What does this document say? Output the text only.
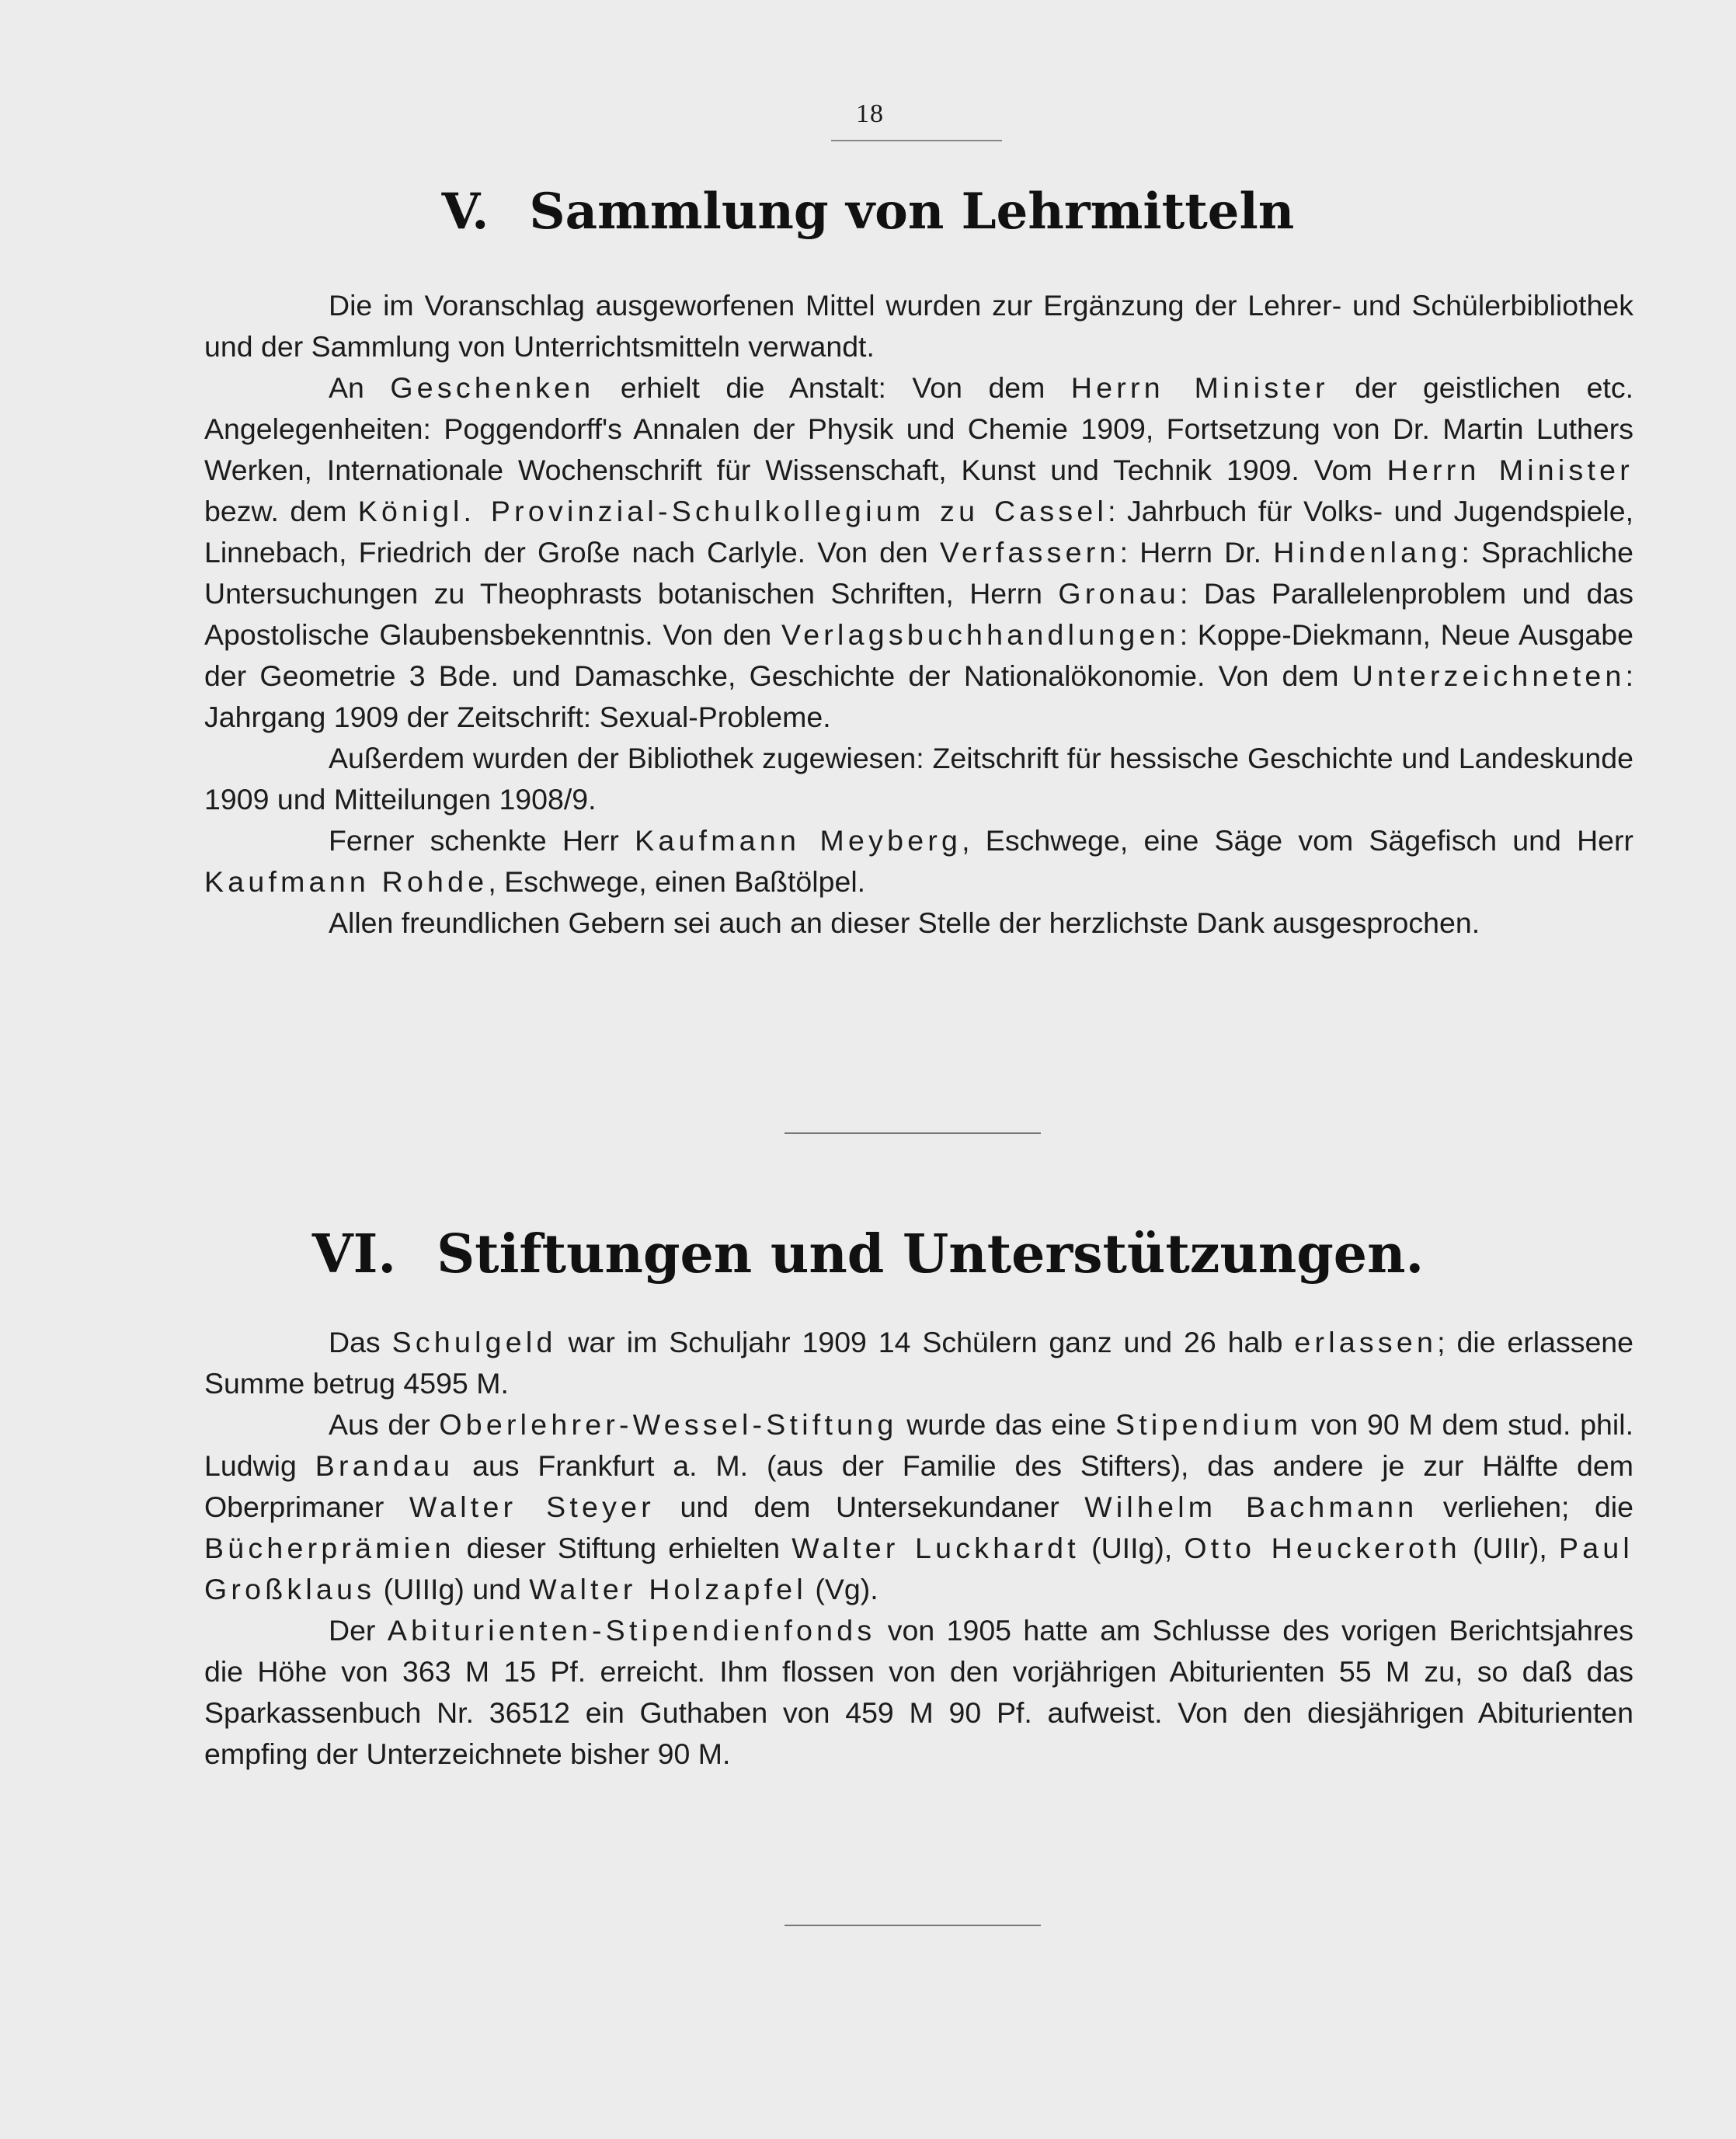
18
V. Sammlung von Lehrmitteln

Die im Voranschlag ausgeworfenen Mittel wurden zur Ergänzung der Lehrer- und Schülerbibliothek und der Sammlung von Unterrichtsmitteln verwandt.

An Geschenken erhielt die Anstalt: Von dem Herrn Minister der geistlichen etc. Angelegenheiten: Poggendorff's Annalen der Physik und Chemie 1909, Fortsetzung von Dr. Martin Luthers Werken, Internationale Wochenschrift für Wissenschaft, Kunst und Technik 1909. Vom Herrn Minister bezw. dem Königl. Provinzial-Schulkollegium zu Cassel: Jahrbuch für Volks- und Jugendspiele, Linnebach, Friedrich der Große nach Carlyle. Von den Verfassern: Herrn Dr. Hindenlang: Sprachliche Untersuchungen zu Theophrasts botanischen Schriften, Herrn Gronau: Das Parallelenproblem und das Apostolische Glaubensbekenntnis. Von den Verlagsbuchhandlungen: Koppe-Diekmann, Neue Ausgabe der Geometrie 3 Bde. und Damaschke, Geschichte der Nationalökonomie. Von dem Unterzeichneten: Jahrgang 1909 der Zeitschrift: Sexual-Probleme.

Außerdem wurden der Bibliothek zugewiesen: Zeitschrift für hessische Geschichte und Landeskunde 1909 und Mitteilungen 1908/9.

Ferner schenkte Herr Kaufmann Meyberg, Eschwege, eine Säge vom Sägefisch und Herr Kaufmann Rohde, Eschwege, einen Baßtölpel.

Allen freundlichen Gebern sei auch an dieser Stelle der herzlichste Dank ausgesprochen.

VI. Stiftungen und Unterstützungen.

Das Schulgeld war im Schuljahr 1909 14 Schülern ganz und 26 halb erlassen; die erlassene Summe betrug 4595 M.

Aus der Oberlehrer-Wessel-Stiftung wurde das eine Stipendium von 90 M dem stud. phil. Ludwig Brandau aus Frankfurt a. M. (aus der Familie des Stifters), das andere je zur Hälfte dem Oberprimaner Walter Steyer und dem Untersekundaner Wilhelm Bachmann verliehen; die Bücherprämien dieser Stiftung erhielten Walter Luckhardt (UIIg), Otto Heuckeroth (UIIr), Paul Großklaus (UIIIg) und Walter Holzapfel (Vg).

Der Abiturienten-Stipendienfonds von 1905 hatte am Schlusse des vorigen Berichtsjahres die Höhe von 363 M 15 Pf. erreicht. Ihm flossen von den vorjährigen Abiturienten 55 M zu, so daß das Sparkassenbuch Nr. 36512 ein Guthaben von 459 M 90 Pf. aufweist. Von den diesjährigen Abiturienten empfing der Unterzeichnete bisher 90 M.
